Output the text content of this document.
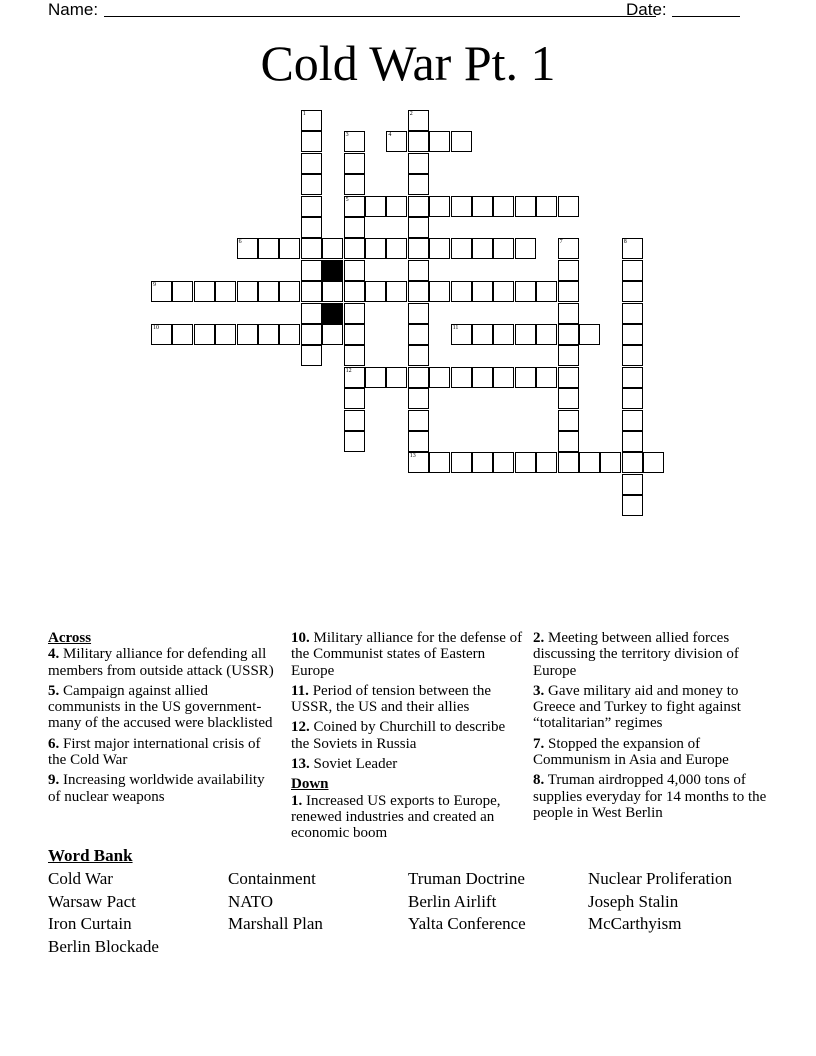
Name:	Date:
Cold War Pt. 1
1	2
13
3
5
12
4
6	7	8
9
10	11
Across
4. Military alliance for defending all members from outside attack (USSR)
5. Campaign against allied communists in the US government-many of the accused were blacklisted
6. First major international crisis of the Cold War
9. Increasing worldwide availability of nuclear weapons
10. Military alliance for the defense of the Communist states of Eastern Europe
11. Period of tension between the USSR, the US and their allies
12. Coined by Churchill to describe the Soviets in Russia
13. Soviet Leader
Down
1. Increased US exports to Europe, renewed industries and created an economic boom
2. Meeting between allied forces discussing the territory division of Europe
3. Gave military aid and money to Greece and Turkey to fight against “totalitarian” regimes
7. Stopped the expansion of Communism in Asia and Europe
8. Truman airdropped 4,000 tons of supplies everyday for 14 months to the people in West Berlin
Word Bank
Cold War	Containment	Truman Doctrine	Nuclear Proliferation
Warsaw Pact	NATO	Berlin Airlift	Joseph Stalin
Iron Curtain	Marshall Plan	Yalta Conference	McCarthyism
Berlin Blockade
